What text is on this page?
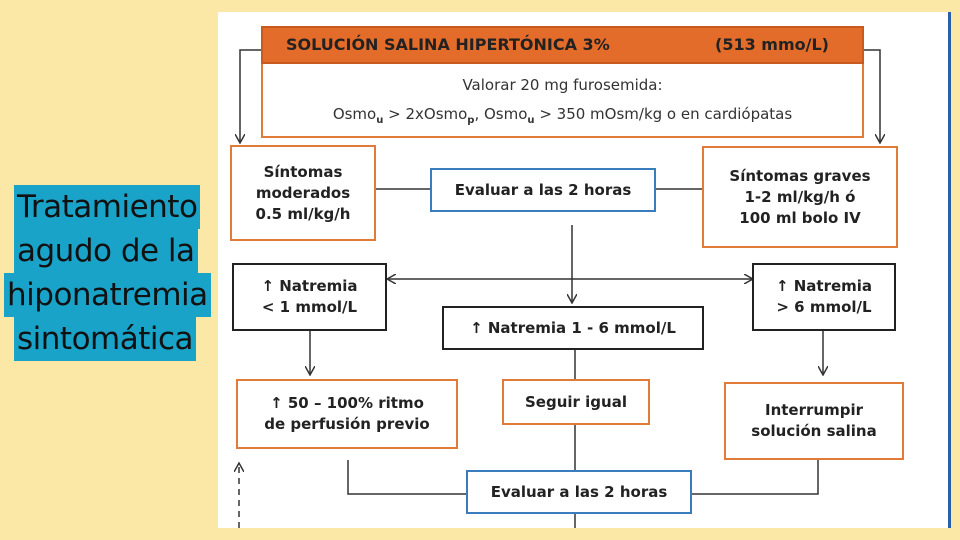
Tratamiento
agudo de la
hiponatremia
sintomática
SOLUCIÓN SALINA HIPERTÓNICA 3%	(513 mmo/L)
Valorar 20 mg furosemida:
Osmo$_u$ > 2xOsmo$_p$, Osmo$_u$ > 350 mOsm/kg o en cardiópatas
Síntomas
moderados
0.5 ml/kg/h
Evaluar a las 2 horas
Síntomas graves
1-2 ml/kg/h ó
100 ml bolo IV
↑ Natremia
< 1 mmol/L
↑ Natremia 1 - 6 mmol/L
↑ Natremia
> 6 mmol/L
↑ 50 – 100% ritmo
de perfusión previo
Seguir igual	Interrumpir
solución salina
Evaluar a las 2 horas
